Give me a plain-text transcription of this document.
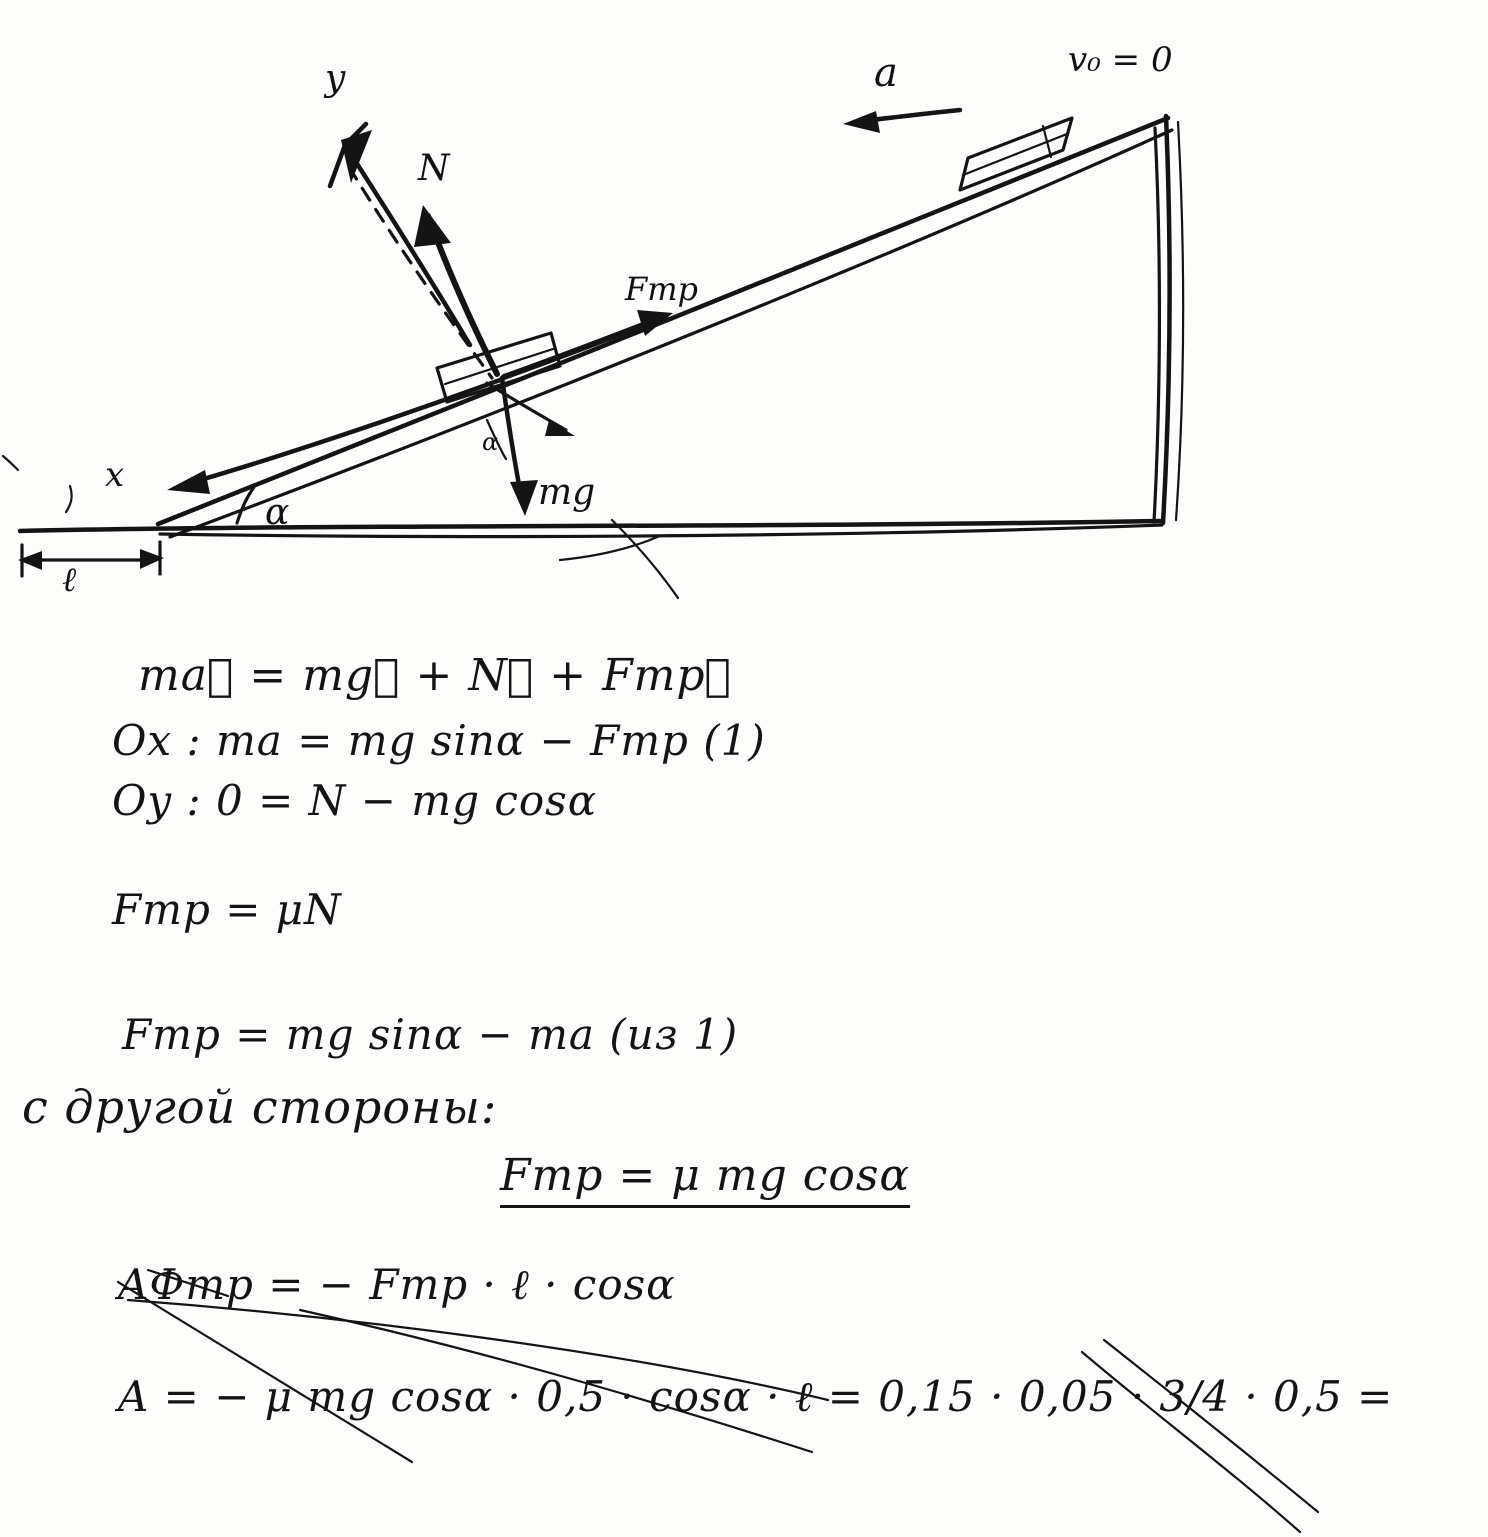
y
N
Fтр
mg
x
α
α
a	v₀ = 0
ℓ
ma⃗ = mg⃗ + N⃗ + Fтр⃗
Ox : ma = mg sinα − Fтр (1)
Oy : 0 = N − mg cosα
Fтр = μN
Fтр = mg sinα − ma (из 1)
с другой стороны:
Fтр = μ mg cosα
AФтр = − Fтр · ℓ · cosα
A = − μ mg cosα · 0,5 · cosα · ℓ = 0,15 · 0,05 · 3/4 · 0,5 =
